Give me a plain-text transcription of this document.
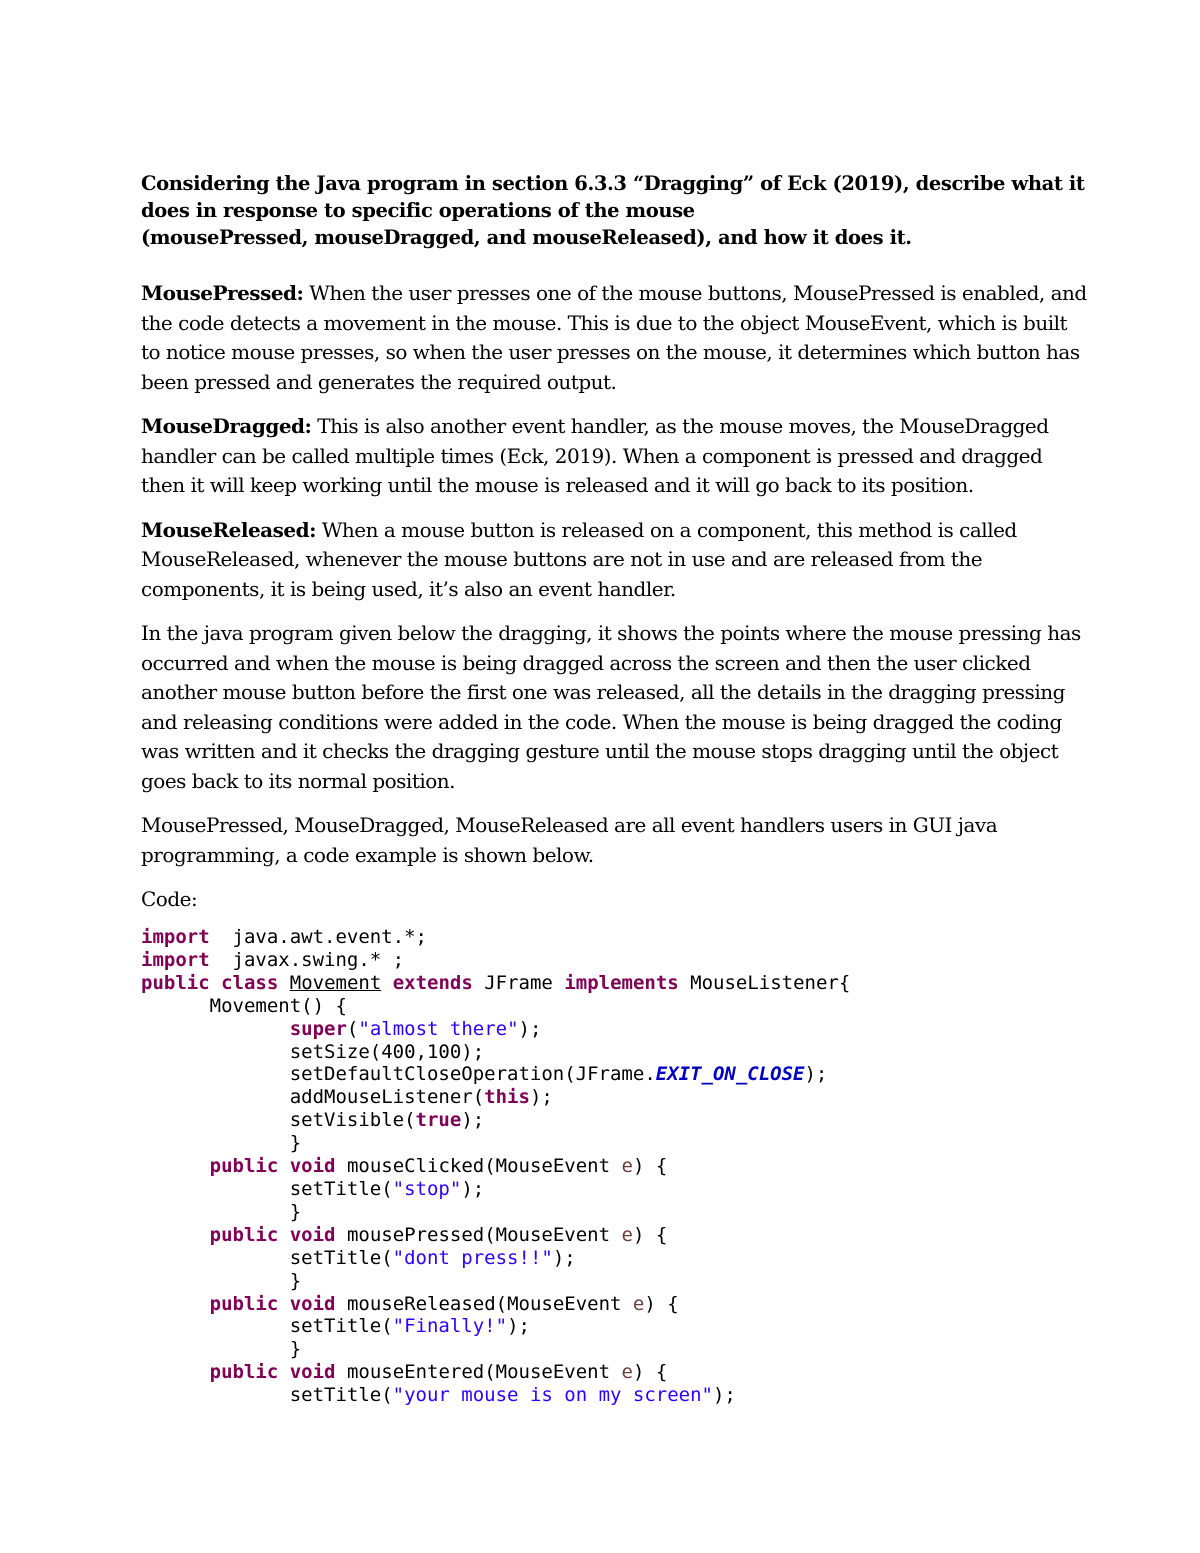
Considering the Java program in section 6.3.3 “Dragging” of Eck (2019), describe what it
does in response to specific operations of the mouse
(mousePressed, mouseDragged, and mouseReleased), and how it does it.
MousePressed: When the user presses one of the mouse buttons, MousePressed is enabled, and
the code detects a movement in the mouse. This is due to the object MouseEvent, which is built
to notice mouse presses, so when the user presses on the mouse, it determines which button has
been pressed and generates the required output.
MouseDragged: This is also another event handler, as the mouse moves, the MouseDragged
handler can be called multiple times (Eck, 2019). When a component is pressed and dragged
then it will keep working until the mouse is released and it will go back to its position.
MouseReleased: When a mouse button is released on a component, this method is called
MouseReleased, whenever the mouse buttons are not in use and are released from the
components, it is being used, it’s also an event handler.
In the java program given below the dragging, it shows the points where the mouse pressing has
occurred and when the mouse is being dragged across the screen and then the user clicked
another mouse button before the first one was released, all the details in the dragging pressing
and releasing conditions were added in the code. When the mouse is being dragged the coding
was written and it checks the dragging gesture until the mouse stops dragging until the object
goes back to its normal position.
MousePressed, MouseDragged, MouseReleased are all event handlers users in GUI java
programming, a code example is shown below.
Code:
import  java.awt.event.*;
import  javax.swing.* ;
public class Movement extends JFrame implements MouseListener{
Movement() {
super("almost there");
setSize(400,100);
setDefaultCloseOperation(JFrame.EXIT_ON_CLOSE);
addMouseListener(this);
setVisible(true);
}
public void mouseClicked(MouseEvent e) {
setTitle("stop");
}
public void mousePressed(MouseEvent e) {
setTitle("dont press!!");
}
public void mouseReleased(MouseEvent e) {
setTitle("Finally!");
}
public void mouseEntered(MouseEvent e) {
setTitle("your mouse is on my screen");
